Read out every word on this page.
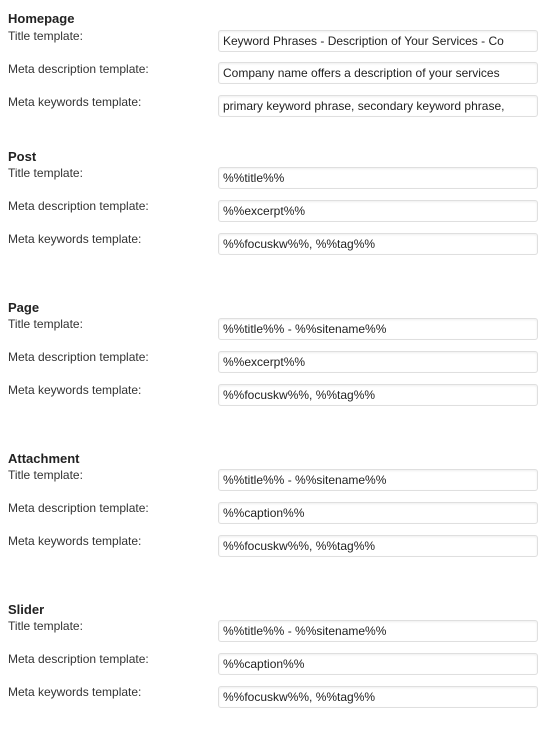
Homepage
Title template:
Keyword Phrases - Description of Your Services - Co
Meta description template:
Company name offers a description of your services
Meta keywords template:
primary keyword phrase, secondary keyword phrase,
Post
Title template:
%%title%%
Meta description template:
%%excerpt%%
Meta keywords template:
%%focuskw%%, %%tag%%
Page
Title template:
%%title%% - %%sitename%%
Meta description template:
%%excerpt%%
Meta keywords template:
%%focuskw%%, %%tag%%
Attachment
Title template:
%%title%% - %%sitename%%
Meta description template:
%%caption%%
Meta keywords template:
%%focuskw%%, %%tag%%
Slider
Title template:
%%title%% - %%sitename%%
Meta description template:
%%caption%%
Meta keywords template:
%%focuskw%%, %%tag%%
